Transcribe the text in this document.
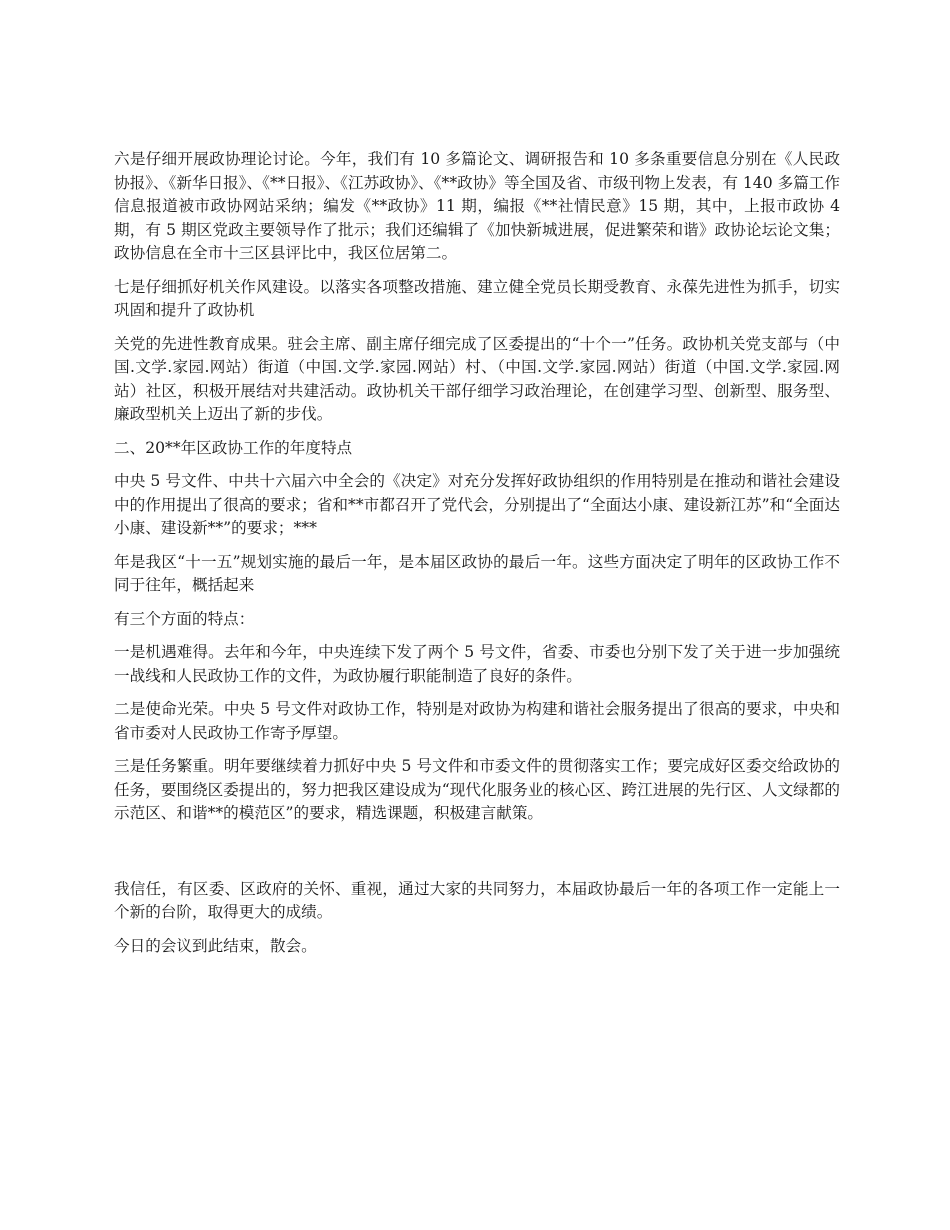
六是仔细开展政协理论讨论。今年，我们有 10 多篇论文、调研报告和 10 多条重要信息分别在《人民政协报》、《新华日报》、《**日报》、《江苏政协》、《**政协》等全国及省、市级刊物上发表，有 140 多篇工作信息报道被市政协网站采纳；编发《**政协》11 期，编报《**社情民意》15 期，其中，上报市政协 4 期，有 5 期区党政主要领导作了批示；我们还编辑了《加快新城进展，促进繁荣和谐》政协论坛论文集；政协信息在全市十三区县评比中，我区位居第二。

七是仔细抓好机关作风建设。以落实各项整改措施、建立健全党员长期受教育、永葆先进性为抓手，切实巩固和提升了政协机

关党的先进性教育成果。驻会主席、副主席仔细完成了区委提出的“十个一”任务。政协机关党支部与（中国.文学.家园.网站）街道（中国.文学.家园.网站）村、（中国.文学.家园.网站）街道（中国.文学.家园.网站）社区，积极开展结对共建活动。政协机关干部仔细学习政治理论，在创建学习型、创新型、服务型、廉政型机关上迈出了新的步伐。

二、20**年区政协工作的年度特点

中央 5 号文件、中共十六届六中全会的《决定》对充分发挥好政协组织的作用特别是在推动和谐社会建设中的作用提出了很高的要求；省和**市都召开了党代会，分别提出了“全面达小康、建设新江苏”和“全面达小康、建设新**”的要求；***

年是我区“十一五”规划实施的最后一年，是本届区政协的最后一年。这些方面决定了明年的区政协工作不同于往年，概括起来

有三个方面的特点：

一是机遇难得。去年和今年，中央连续下发了两个 5 号文件，省委、市委也分别下发了关于进一步加强统一战线和人民政协工作的文件，为政协履行职能制造了良好的条件。

二是使命光荣。中央 5 号文件对政协工作，特别是对政协为构建和谐社会服务提出了很高的要求，中央和省市委对人民政协工作寄予厚望。

三是任务繁重。明年要继续着力抓好中央 5 号文件和市委文件的贯彻落实工作；要完成好区委交给政协的任务，要围绕区委提出的，努力把我区建设成为“现代化服务业的核心区、跨江进展的先行区、人文绿都的示范区、和谐**的模范区”的要求，精选课题，积极建言献策。

我信任，有区委、区政府的关怀、重视，通过大家的共同努力，本届政协最后一年的各项工作一定能上一个新的台阶，取得更大的成绩。

今日的会议到此结束，散会。
